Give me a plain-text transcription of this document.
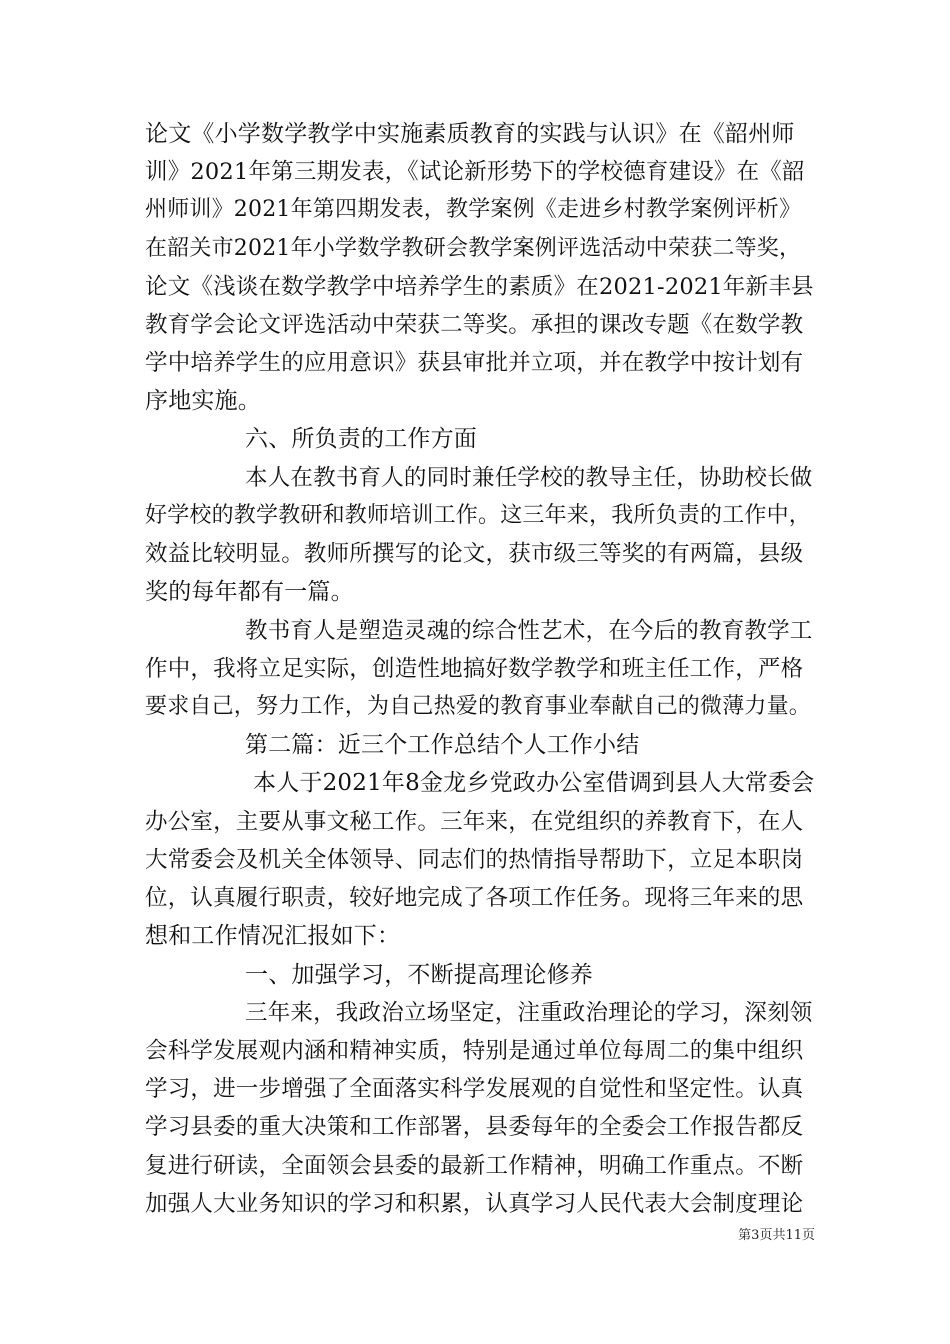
论文《小学数学教学中实施素质教育的实践与认识》在《韶州师
训》2021年第三期发表，《试论新形势下的学校德育建设》在《韶
州师训》2021年第四期发表，教学案例《走进乡村教学案例评析》
在韶关市2021年小学数学教研会教学案例评选活动中荣获二等奖，
论文《浅谈在数学教学中培养学生的素质》在2021-2021年新丰县
教育学会论文评选活动中荣获二等奖。承担的课改专题《在数学教
学中培养学生的应用意识》获县审批并立项，并在教学中按计划有
序地实施。
六、所负责的工作方面
本人在教书育人的同时兼任学校的教导主任，协助校长做
好学校的教学教研和教师培训工作。这三年来，我所负责的工作中，
效益比较明显。教师所撰写的论文，获市级三等奖的有两篇，县级
奖的每年都有一篇。
教书育人是塑造灵魂的综合性艺术，在今后的教育教学工
作中，我将立足实际，创造性地搞好数学教学和班主任工作，严格
要求自己，努力工作，为自己热爱的教育事业奉献自己的微薄力量。
第二篇：近三个工作总结个人工作小结
本人于2021年8金龙乡党政办公室借调到县人大常委会
办公室，主要从事文秘工作。三年来，在党组织的养教育下，在人
大常委会及机关全体领导、同志们的热情指导帮助下，立足本职岗
位，认真履行职责，较好地完成了各项工作任务。现将三年来的思
想和工作情况汇报如下：
一、加强学习，不断提高理论修养
三年来，我政治立场坚定，注重政治理论的学习，深刻领
会科学发展观内涵和精神实质，特别是通过单位每周二的集中组织
学习，进一步增强了全面落实科学发展观的自觉性和坚定性。认真
学习县委的重大决策和工作部署，县委每年的全委会工作报告都反
复进行研读，全面领会县委的最新工作精神，明确工作重点。不断
加强人大业务知识的学习和积累，认真学习人民代表大会制度理论
第3页共11页
